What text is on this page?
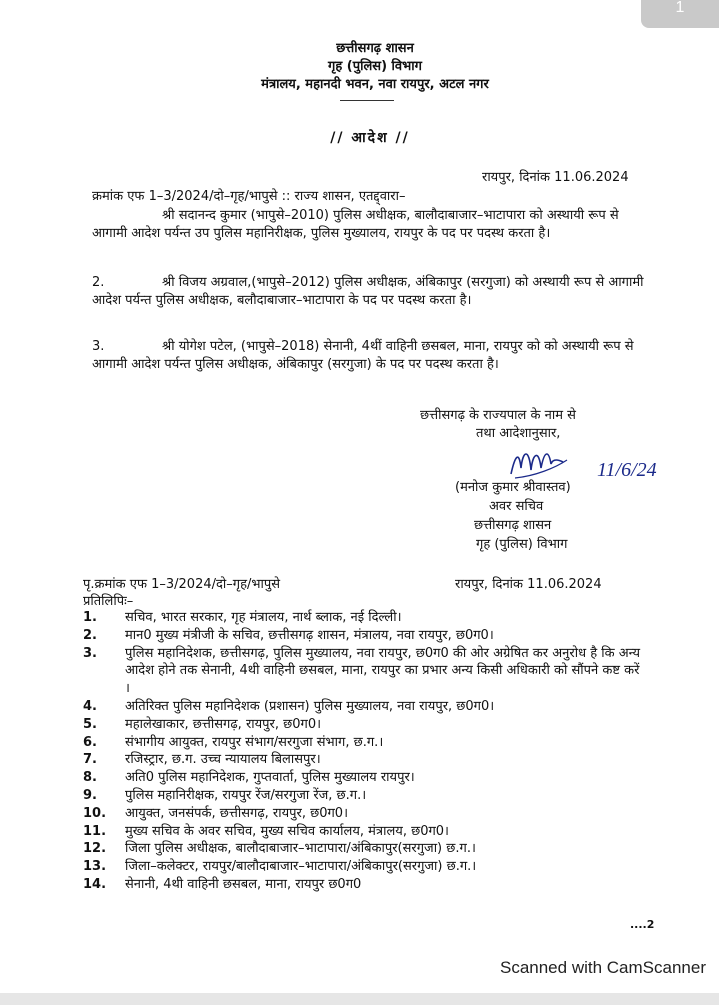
1
छत्तीसगढ़ शासन
गृह (पुलिस) विभाग
मंत्रालय, महानदी भवन, नवा रायपुर, अटल नगर
// आदेश //
रायपुर, दिनांक 11.06.2024
क्रमांक एफ 1–3/2024/दो–गृह/भापुसे :: राज्य शासन, एतद्द्वारा–
श्री सदानन्द कुमार (भापुसे–2010) पुलिस अधीक्षक, बालौदाबाजार–भाटापारा को अस्थायी रूप से आगामी आदेश पर्यन्त उप पुलिस महानिरीक्षक, पुलिस मुख्यालय, रायपुर के पद पर पदस्थ करता है।
2.	श्री विजय अग्रवाल,(भापुसे–2012) पुलिस अधीक्षक, अंबिकापुर (सरगुजा) को अस्थायी रूप से आगामी आदेश पर्यन्त पुलिस अधीक्षक, बलौदाबाजार–भाटापारा के पद पर पदस्थ करता है।
3.	श्री योगेश पटेल, (भापुसे–2018) सेनानी, 4थीं वाहिनी छसबल, माना, रायपुर को को अस्थायी रूप से आगामी आदेश पर्यन्त पुलिस अधीक्षक, अंबिकापुर (सरगुजा) के पद पर पदस्थ करता है।
छत्तीसगढ़ के राज्यपाल के नाम से
तथा आदेशानुसार,
11/6/24
(मनोज कुमार श्रीवास्तव)
अवर सचिव
छत्तीसगढ़ शासन
गृह (पुलिस) विभाग
पृ.क्रमांक एफ 1–3/2024/दो–गृह/भापुसे	रायपुर, दिनांक 11.06.2024
प्रतिलिपिः–
1. सचिव, भारत सरकार, गृह मंत्रालय, नार्थ ब्लाक, नई दिल्ली।
2. मान0 मुख्य मंत्रीजी के सचिव, छत्तीसगढ़ शासन, मंत्रालय, नवा रायपुर, छ0ग0।
3. पुलिस महानिदेशक, छत्तीसगढ़, पुलिस मुख्यालय, नवा रायपुर, छ0ग0 की ओर अग्रेषित कर अनुरोध है कि अन्य आदेश होने तक सेनानी, 4थी वाहिनी छसबल, माना, रायपुर का प्रभार अन्य किसी अधिकारी को सौंपने कष्ट करें ।
4. अतिरिक्त पुलिस महानिदेशक (प्रशासन) पुलिस मुख्यालय, नवा रायपुर, छ0ग0।
5. महालेखाकार, छत्तीसगढ़, रायपुर, छ0ग0।
6. संभागीय आयुक्त, रायपुर संभाग/सरगुजा संभाग, छ.ग.।
7. रजिस्ट्रार, छ.ग. उच्च न्यायालय बिलासपुर।
8. अति0 पुलिस महानिदेशक, गुप्तवार्ता, पुलिस मुख्यालय रायपुर।
9. पुलिस महानिरीक्षक, रायपुर रेंज/सरगुजा रेंज, छ.ग.।
10. आयुक्त, जनसंपर्क, छत्तीसगढ़, रायपुर, छ0ग0।
11. मुख्य सचिव के अवर सचिव, मुख्य सचिव कार्यालय, मंत्रालय, छ0ग0।
12. जिला पुलिस अधीक्षक, बालौदाबाजार–भाटापारा/अंबिकापुर(सरगुजा) छ.ग.।
13. जिला–कलेक्टर, रायपुर/बालौदाबाजार–भाटापारा/अंबिकापुर(सरगुजा) छ.ग.।
14. सेनानी, 4थी वाहिनी छसबल, माना, रायपुर छ0ग0
....2
Scanned with CamScanner
